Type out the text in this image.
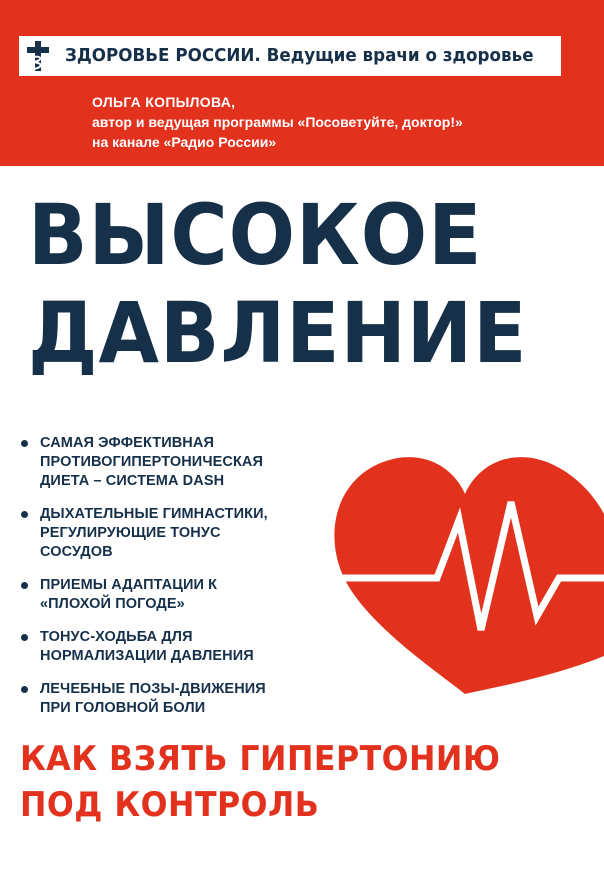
ЗДОРОВЬЕ РОССИИ. Ведущие врачи о здоровье
ОЛЬГА КОПЫЛОВА,
автор и ведущая программы «Посоветуйте, доктор!»
на канале «Радио России»
ВЫСОКОЕ
ДАВЛЕНИЕ
САМАЯ ЭФФЕКТИВНАЯ
ПРОТИВОГИПЕРТОНИЧЕСКАЯ
ДИЕТА – СИСТЕМА DASH
ДЫХАТЕЛЬНЫЕ ГИМНАСТИКИ,
РЕГУЛИРУЮЩИЕ ТОНУС
СОСУДОВ
ПРИЕМЫ АДАПТАЦИИ К
«ПЛОХОЙ ПОГОДЕ»
ТОНУС-ХОДЬБА ДЛЯ
НОРМАЛИЗАЦИИ ДАВЛЕНИЯ
ЛЕЧЕБНЫЕ ПОЗЫ-ДВИЖЕНИЯ
ПРИ ГОЛОВНОЙ БОЛИ
КАК ВЗЯТЬ ГИПЕРТОНИЮ
ПОД КОНТРОЛЬ
